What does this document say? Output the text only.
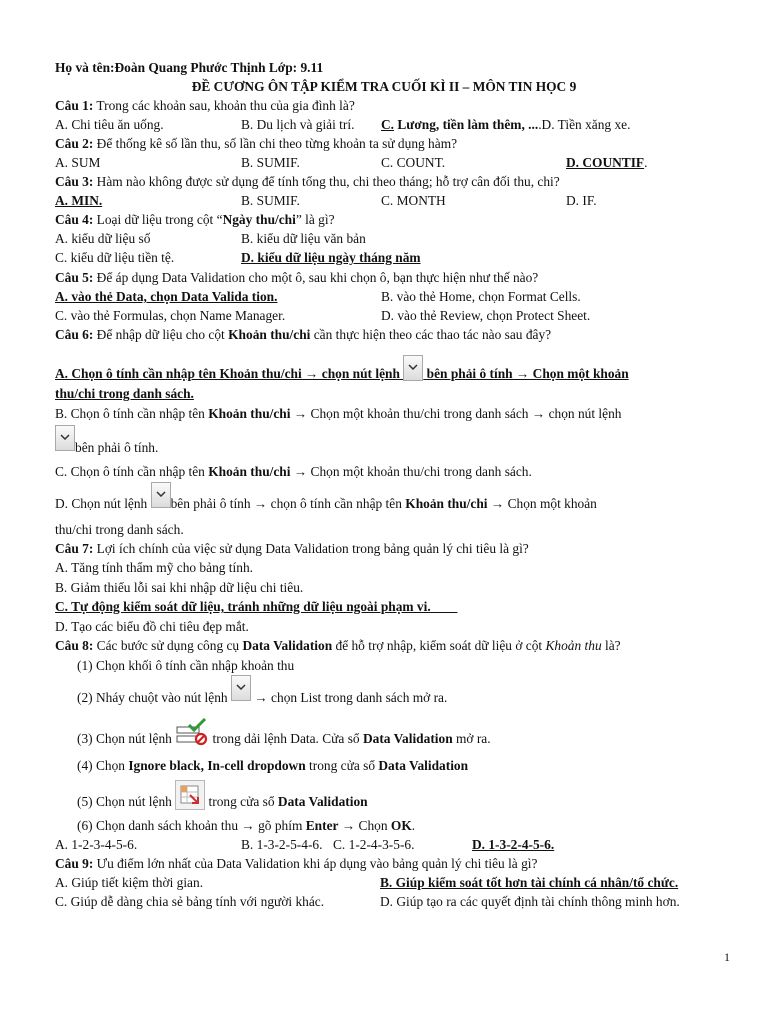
Họ và tên:Đoàn Quang Phước Thịnh Lớp: 9.11
ĐỀ CƯƠNG ÔN TẬP KIỂM TRA CUỐI KÌ II – MÔN TIN HỌC 9
Câu 1: Trong các khoản sau, khoản thu của gia đình là?
A. Chi tiêu ăn uống.	B. Du lịch và giải trí. C. Lương, tiền làm thêm, ....D. Tiền xăng xe.
Câu 2: Để thống kê số lần thu, số lần chi theo từng khoản ta sử dụng hàm?
A. SUM	B. SUMIF.	C. COUNT.	D. COUNTIF.
Câu 3: Hàm nào không được sử dụng để tính tổng thu, chi theo tháng; hỗ trợ cân đối thu, chi?
A. MIN.	B. SUMIF.	C. MONTH	D. IF.
Câu 4: Loại dữ liệu trong cột “Ngày thu/chi” là gì?
A. kiểu dữ liệu số	B. kiểu dữ liệu văn bản
C. kiểu dữ liệu tiền tệ.	D. kiểu dữ liệu ngày tháng năm
Câu 5: Để áp dụng Data Validation cho một ô, sau khi chọn ô, bạn thực hiện như thế nào?
A. vào thẻ Data, chọn Data Valida tion.	B. vào thẻ Home, chọn Format Cells.
C. vào thẻ Formulas, chọn Name Manager.	D. vào thẻ Review, chọn Protect Sheet.
Câu 6: Để nhập dữ liệu cho cột Khoản thu/chi cần thực hiện theo các thao tác nào sau đây?
A. Chọn ô tính cần nhập tên Khoản thu/chi → chọn nút lệnh bên phải ô tính → Chọn một khoản
thu/chi trong danh sách.
B. Chọn ô tính cần nhập tên Khoản thu/chi → Chọn một khoản thu/chi trong danh sách → chọn nút lệnh
bên phải ô tính.
C. Chọn ô tính cần nhập tên Khoản thu/chi → Chọn một khoản thu/chi trong danh sách.
D. Chọn nút lệnh bên phải ô tính → chọn ô tính cần nhập tên Khoản thu/chi → Chọn một khoản
thu/chi trong danh sách.
Câu 7: Lợi ích chính của việc sử dụng Data Validation trong bảng quản lý chi tiêu là gì?
A. Tăng tính thẩm mỹ cho bảng tính.
B. Giảm thiểu lỗi sai khi nhập dữ liệu chi tiêu.
C. Tự động kiểm soát dữ liệu, tránh những dữ liệu ngoài phạm vi.
D. Tạo các biểu đồ chi tiêu đẹp mắt.
Câu 8: Các bước sử dụng công cụ Data Validation để hỗ trợ nhập, kiểm soát dữ liệu ở cột Khoản thu là?
(1) Chọn khối ô tính cần nhập khoản thu
(2) Nháy chuột vào nút lệnh
→ chọn List trong danh sách mở ra.
(3) Chọn nút lệnh	trong dải lệnh Data. Cửa sổ Data Validation mở ra.
(4) Chọn Ignore black, In-cell dropdown trong cửa sổ Data Validation
(5) Chọn nút lệnh  trong cửa sổ Data Validation
(6) Chọn danh sách khoản thu → gõ phím Enter → Chọn OK.
A. 1-2-3-4-5-6.	B. 1-3-2-5-4-6. C. 1-2-4-3-5-6.	D. 1-3-2-4-5-6.
Câu 9: Ưu điểm lớn nhất của Data Validation khi áp dụng vào bảng quản lý chi tiêu là gì?
A. Giúp tiết kiệm thời gian.	B. Giúp kiểm soát tốt hơn tài chính cá nhân/tổ chức.
C. Giúp dễ dàng chia sẻ bảng tính với người khác.	D. Giúp tạo ra các quyết định tài chính thông minh hơn.
1
